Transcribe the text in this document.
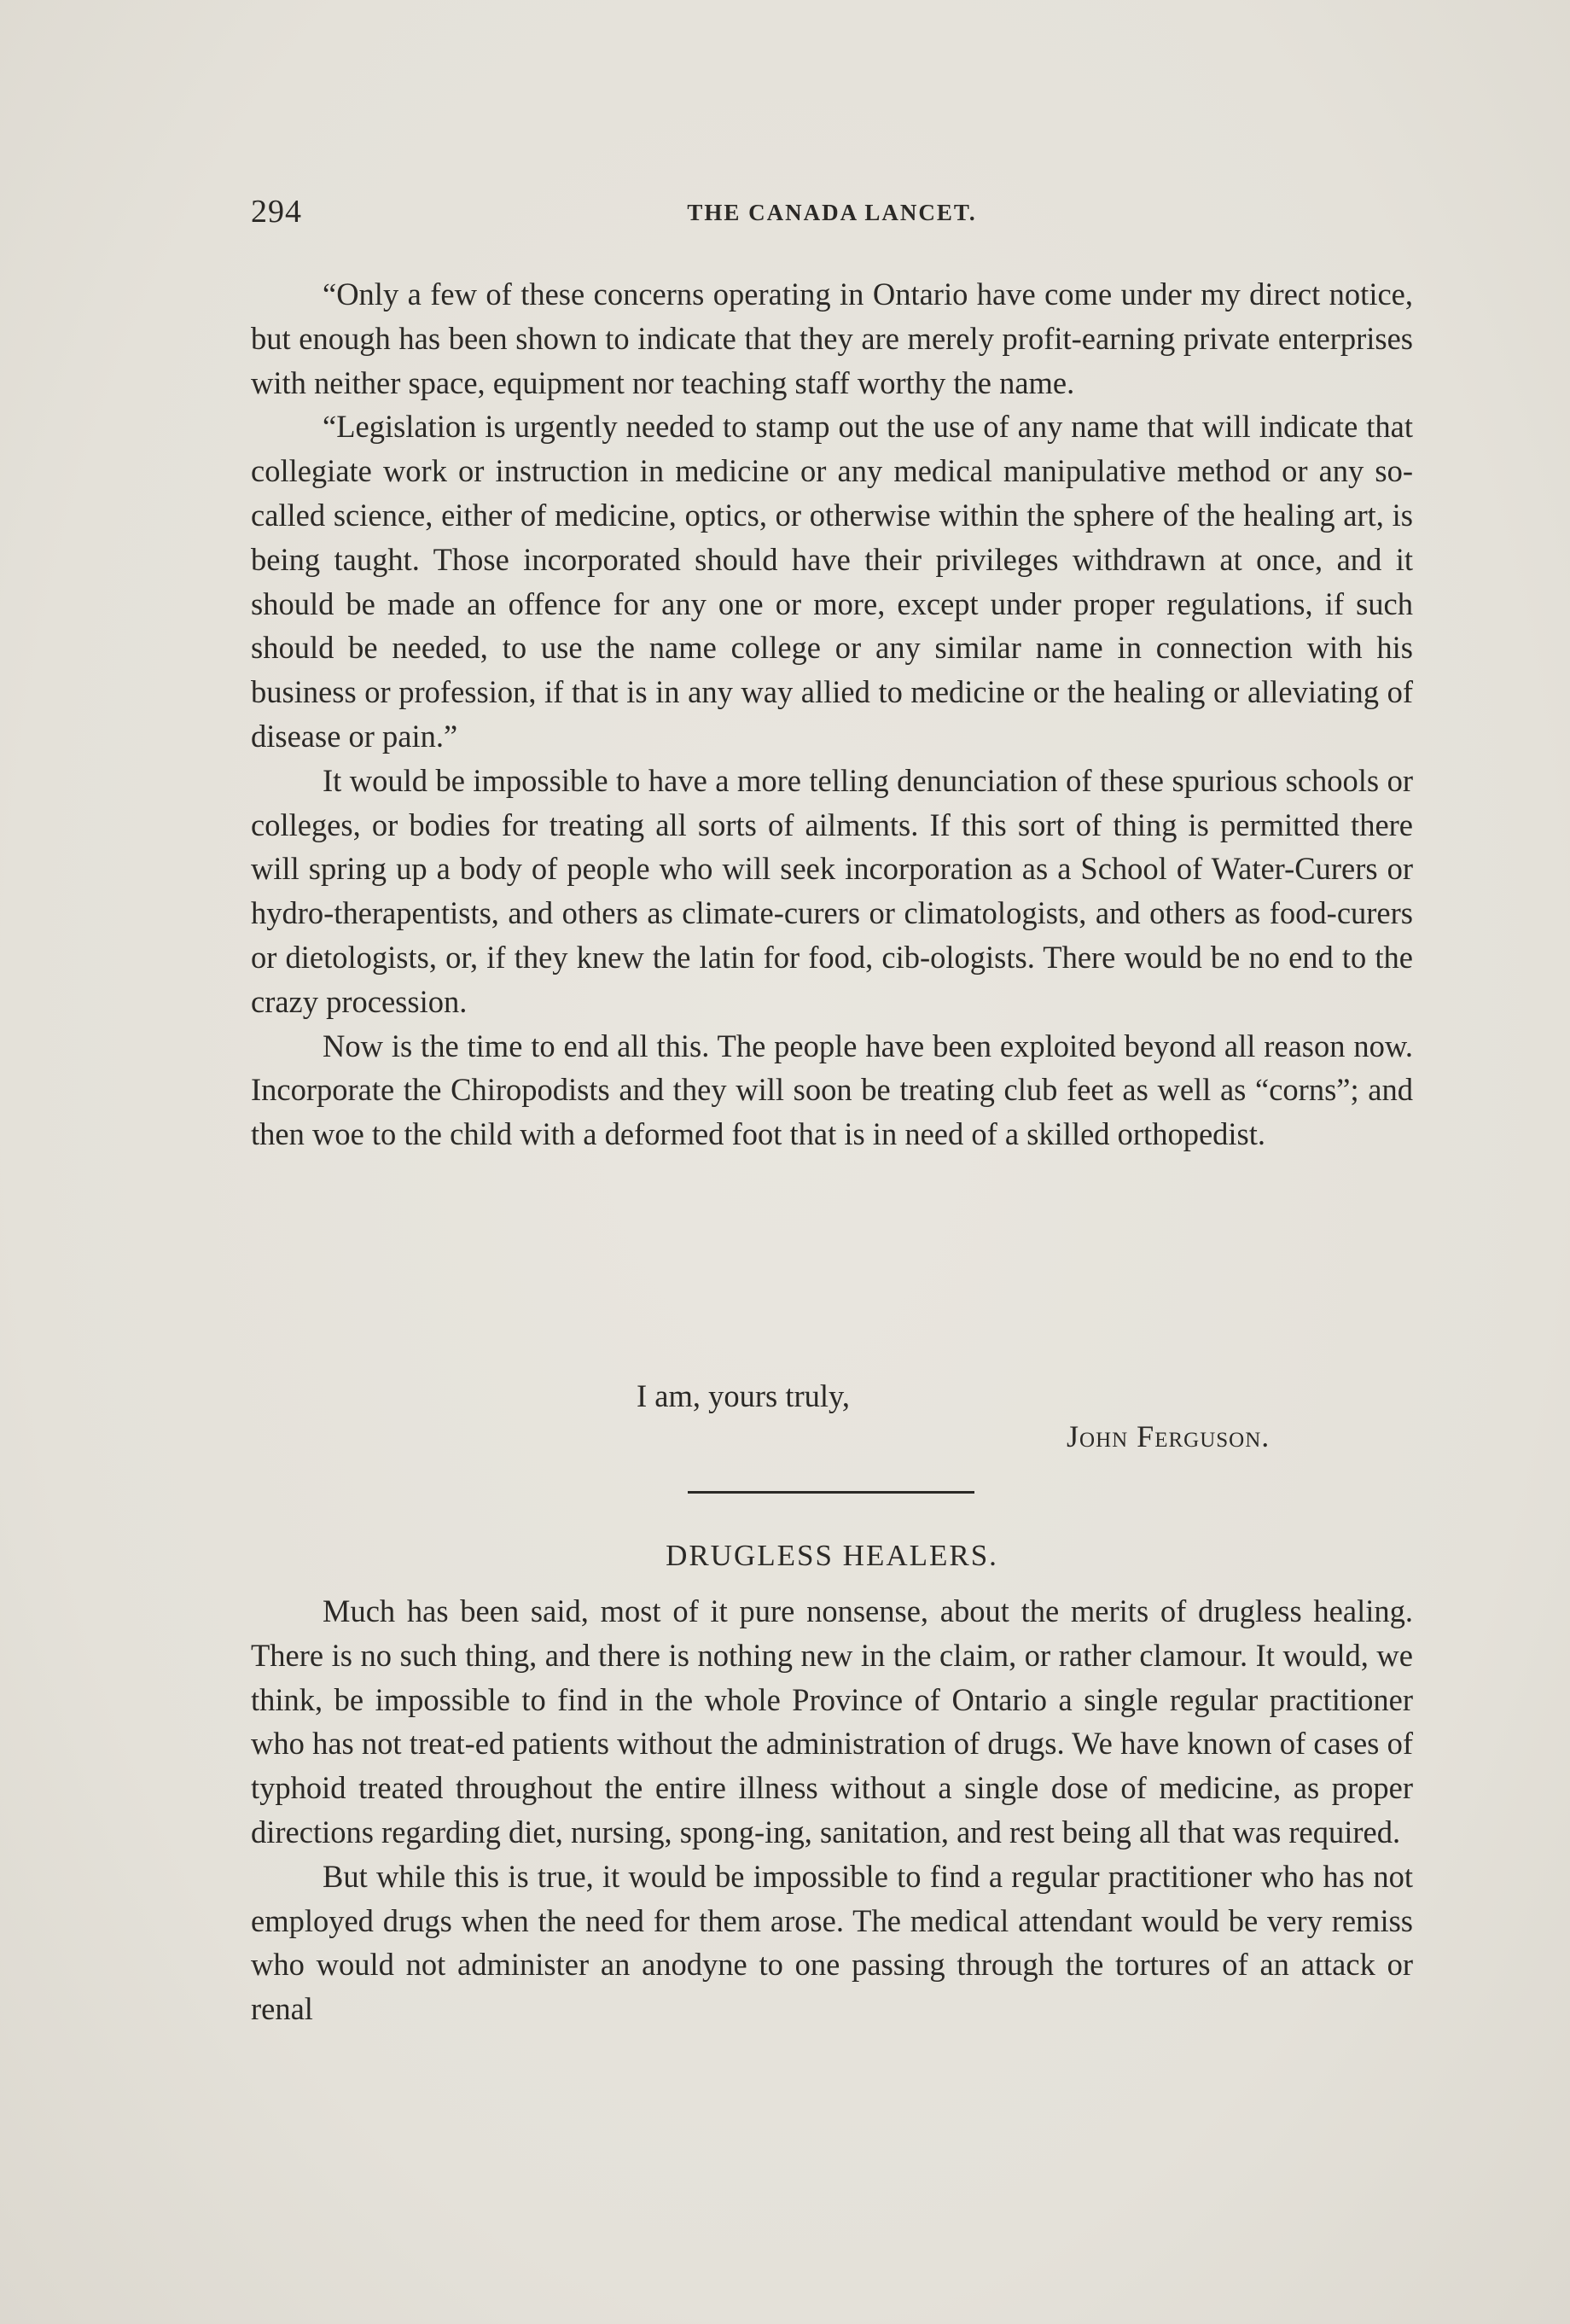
294	THE CANADA LANCET.

“Only a few of these concerns operating in Ontario have come under my direct notice, but enough has been shown to indicate that they are merely profit-earning private enterprises with neither space, equipment nor teaching staff worthy the name.

“Legislation is urgently needed to stamp out the use of any name that will indicate that collegiate work or instruction in medicine or any medical manipulative method or any so-called science, either of medicine, optics, or otherwise within the sphere of the healing art, is being taught. Those incorporated should have their privileges withdrawn at once, and it should be made an offence for any one or more, except under proper regulations, if such should be needed, to use the name college or any similar name in connection with his business or profession, if that is in any way allied to medicine or the healing or alleviating of disease or pain.”

It would be impossible to have a more telling denunciation of these spurious schools or colleges, or bodies for treating all sorts of ailments. If this sort of thing is permitted there will spring up a body of people who will seek incorporation as a School of Water-Curers or hydro-therapentists, and others as climate-curers or climatologists, and others as food-curers or dietologists, or, if they knew the latin for food, cib-ologists. There would be no end to the crazy procession.

Now is the time to end all this. The people have been exploited beyond all reason now. Incorporate the Chiropodists and they will soon be treating club feet as well as “corns”; and then woe to the child with a deformed foot that is in need of a skilled orthopedist.

I am, yours truly,
John Ferguson.
DRUGLESS HEALERS.

Much has been said, most of it pure nonsense, about the merits of drugless healing. There is no such thing, and there is nothing new in the claim, or rather clamour. It would, we think, be impossible to find in the whole Province of Ontario a single regular practitioner who has not treat-ed patients without the administration of drugs. We have known of cases of typhoid treated throughout the entire illness without a single dose of medicine, as proper directions regarding diet, nursing, spong-ing, sanitation, and rest being all that was required.

But while this is true, it would be impossible to find a regular practitioner who has not employed drugs when the need for them arose. The medical attendant would be very remiss who would not administer an anodyne to one passing through the tortures of an attack or renal
